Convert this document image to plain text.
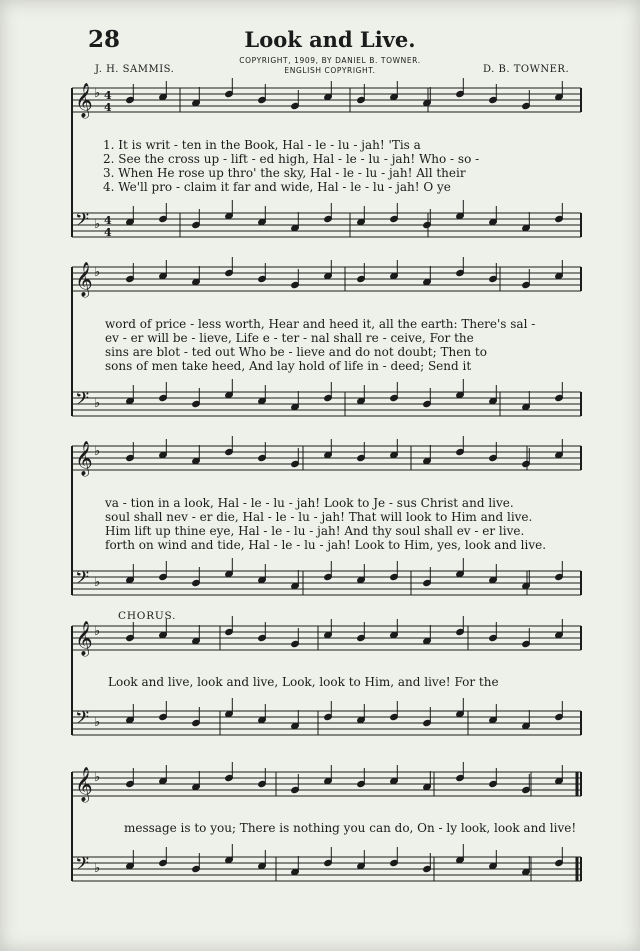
28	Look and Live.
COPYRIGHT, 1909, BY DANIEL B. TOWNER.
ENGLISH COPYRIGHT.
J. H. SAMMIS.	D. B. TOWNER.
𝄞 ♭
𝄢 ♭
4
4
4
4
𝄞 ♭
𝄢 ♭
𝄞 ♭
𝄢 ♭
𝄞 ♭
𝄢 ♭
𝄞 ♭
𝄢 ♭
1. It is writ - ten in the Book, Hal - le - lu - jah! 'Tis a
2. See the cross up - lift - ed high, Hal - le - lu - jah! Who - so -
3. When He rose up thro' the sky, Hal - le - lu - jah! All their
4. We'll pro - claim it far and wide, Hal - le - lu - jah! O ye
word of price - less worth, Hear and heed it, all the earth: There's sal -
ev - er will be - lieve, Life e - ter - nal shall re - ceive, For the
sins are blot - ted out Who be - lieve and do not doubt; Then to
sons of men take heed, And lay hold of life in - deed; Send it
va - tion in a look, Hal - le - lu - jah! Look to Je - sus Christ and live.
soul shall nev - er die, Hal - le - lu - jah! That will look to Him and live.
Him lift up thine eye, Hal - le - lu - jah! And thy soul shall ev - er live.
forth on wind and tide, Hal - le - lu - jah! Look to Him, yes, look and live.
CHORUS.
Look and live, look and live, Look, look to Him, and live! For the
message is to you; There is nothing you can do, On - ly look, look and live!
